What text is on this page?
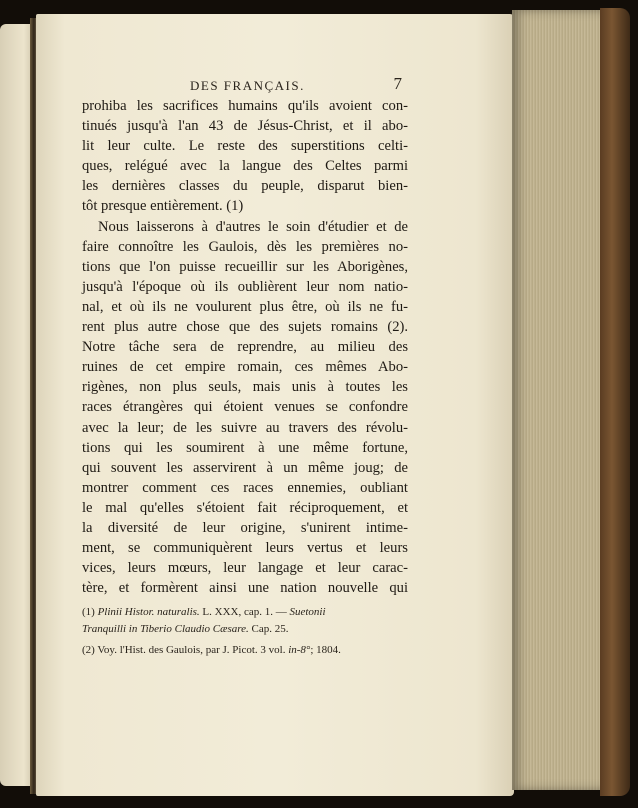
DES FRANÇAIS.	7
prohiba les sacrifices humains qu'ils avoient con-
tinués jusqu'à l'an 43 de Jésus-Christ, et il abo-
lit leur culte. Le reste des superstitions celti-
ques, relégué avec la langue des Celtes parmi
les dernières classes du peuple, disparut bien-
tôt presque entièrement. (1)
Nous laisserons à d'autres le soin d'étudier et de
faire connoître les Gaulois, dès les premières no-
tions que l'on puisse recueillir sur les Aborigènes,
jusqu'à l'époque où ils oublièrent leur nom natio-
nal, et où ils ne voulurent plus être, où ils ne fu-
rent plus autre chose que des sujets romains (2).
Notre tâche sera de reprendre, au milieu des
ruines de cet empire romain, ces mêmes Abo-
rigènes, non plus seuls, mais unis à toutes les
races étrangères qui étoient venues se confondre
avec la leur; de les suivre au travers des révolu-
tions qui les soumirent à une même fortune,
qui souvent les asservirent à un même joug; de
montrer comment ces races ennemies, oubliant
le mal qu'elles s'étoient fait réciproquement, et
la diversité de leur origine, s'unirent intime-
ment, se communiquèrent leurs vertus et leurs
vices, leurs mœurs, leur langage et leur carac-
tère, et formèrent ainsi une nation nouvelle qui
(1) Plinii Histor. naturalis. L. XXX, cap. 1. — Suetonii
Tranquilli in Tiberio Claudio Cæsare. Cap. 25.
(2) Voy. l'Hist. des Gaulois, par J. Picot. 3 vol. in-8°; 1804.
